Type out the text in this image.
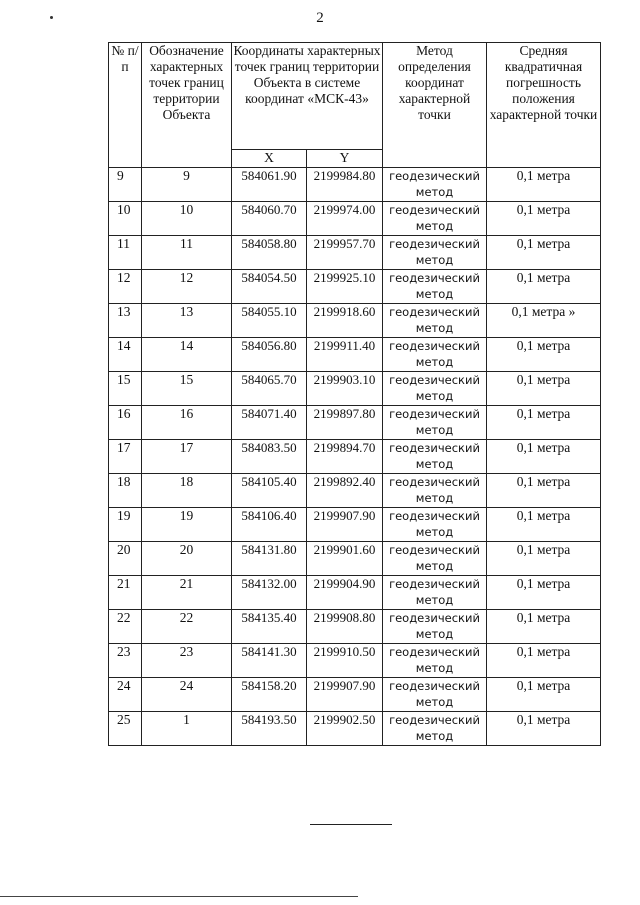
2
№ п/п	Обозначение характерных точек границ территории Объекта	Координаты характерных точек границ территории Объекта в системе координат «МСК-43»		Метод определения координат характерной точки	Средняя квадратичная погрешность положения характерной точки
		X	Y		
9	9	584061.90	2199984.80	геодезический метод	0,1 метра
10	10	584060.70	2199974.00	геодезический метод	0,1 метра
11	11	584058.80	2199957.70	геодезический метод	0,1 метра
12	12	584054.50	2199925.10	геодезический метод	0,1 метра
13	13	584055.10	2199918.60	геодезический метод	0,1 метра »
14	14	584056.80	2199911.40	геодезический метод	0,1 метра
15	15	584065.70	2199903.10	геодезический метод	0,1 метра
16	16	584071.40	2199897.80	геодезический метод	0,1 метра
17	17	584083.50	2199894.70	геодезический метод	0,1 метра
18	18	584105.40	2199892.40	геодезический метод	0,1 метра
19	19	584106.40	2199907.90	геодезический метод	0,1 метра
20	20	584131.80	2199901.60	геодезический метод	0,1 метра
21	21	584132.00	2199904.90	геодезический метод	0,1 метра
22	22	584135.40	2199908.80	геодезический метод	0,1 метра
23	23	584141.30	2199910.50	геодезический метод	0,1 метра
24	24	584158.20	2199907.90	геодезический метод	0,1 метра
25	1	584193.50	2199902.50	геодезический метод	0,1 метра
